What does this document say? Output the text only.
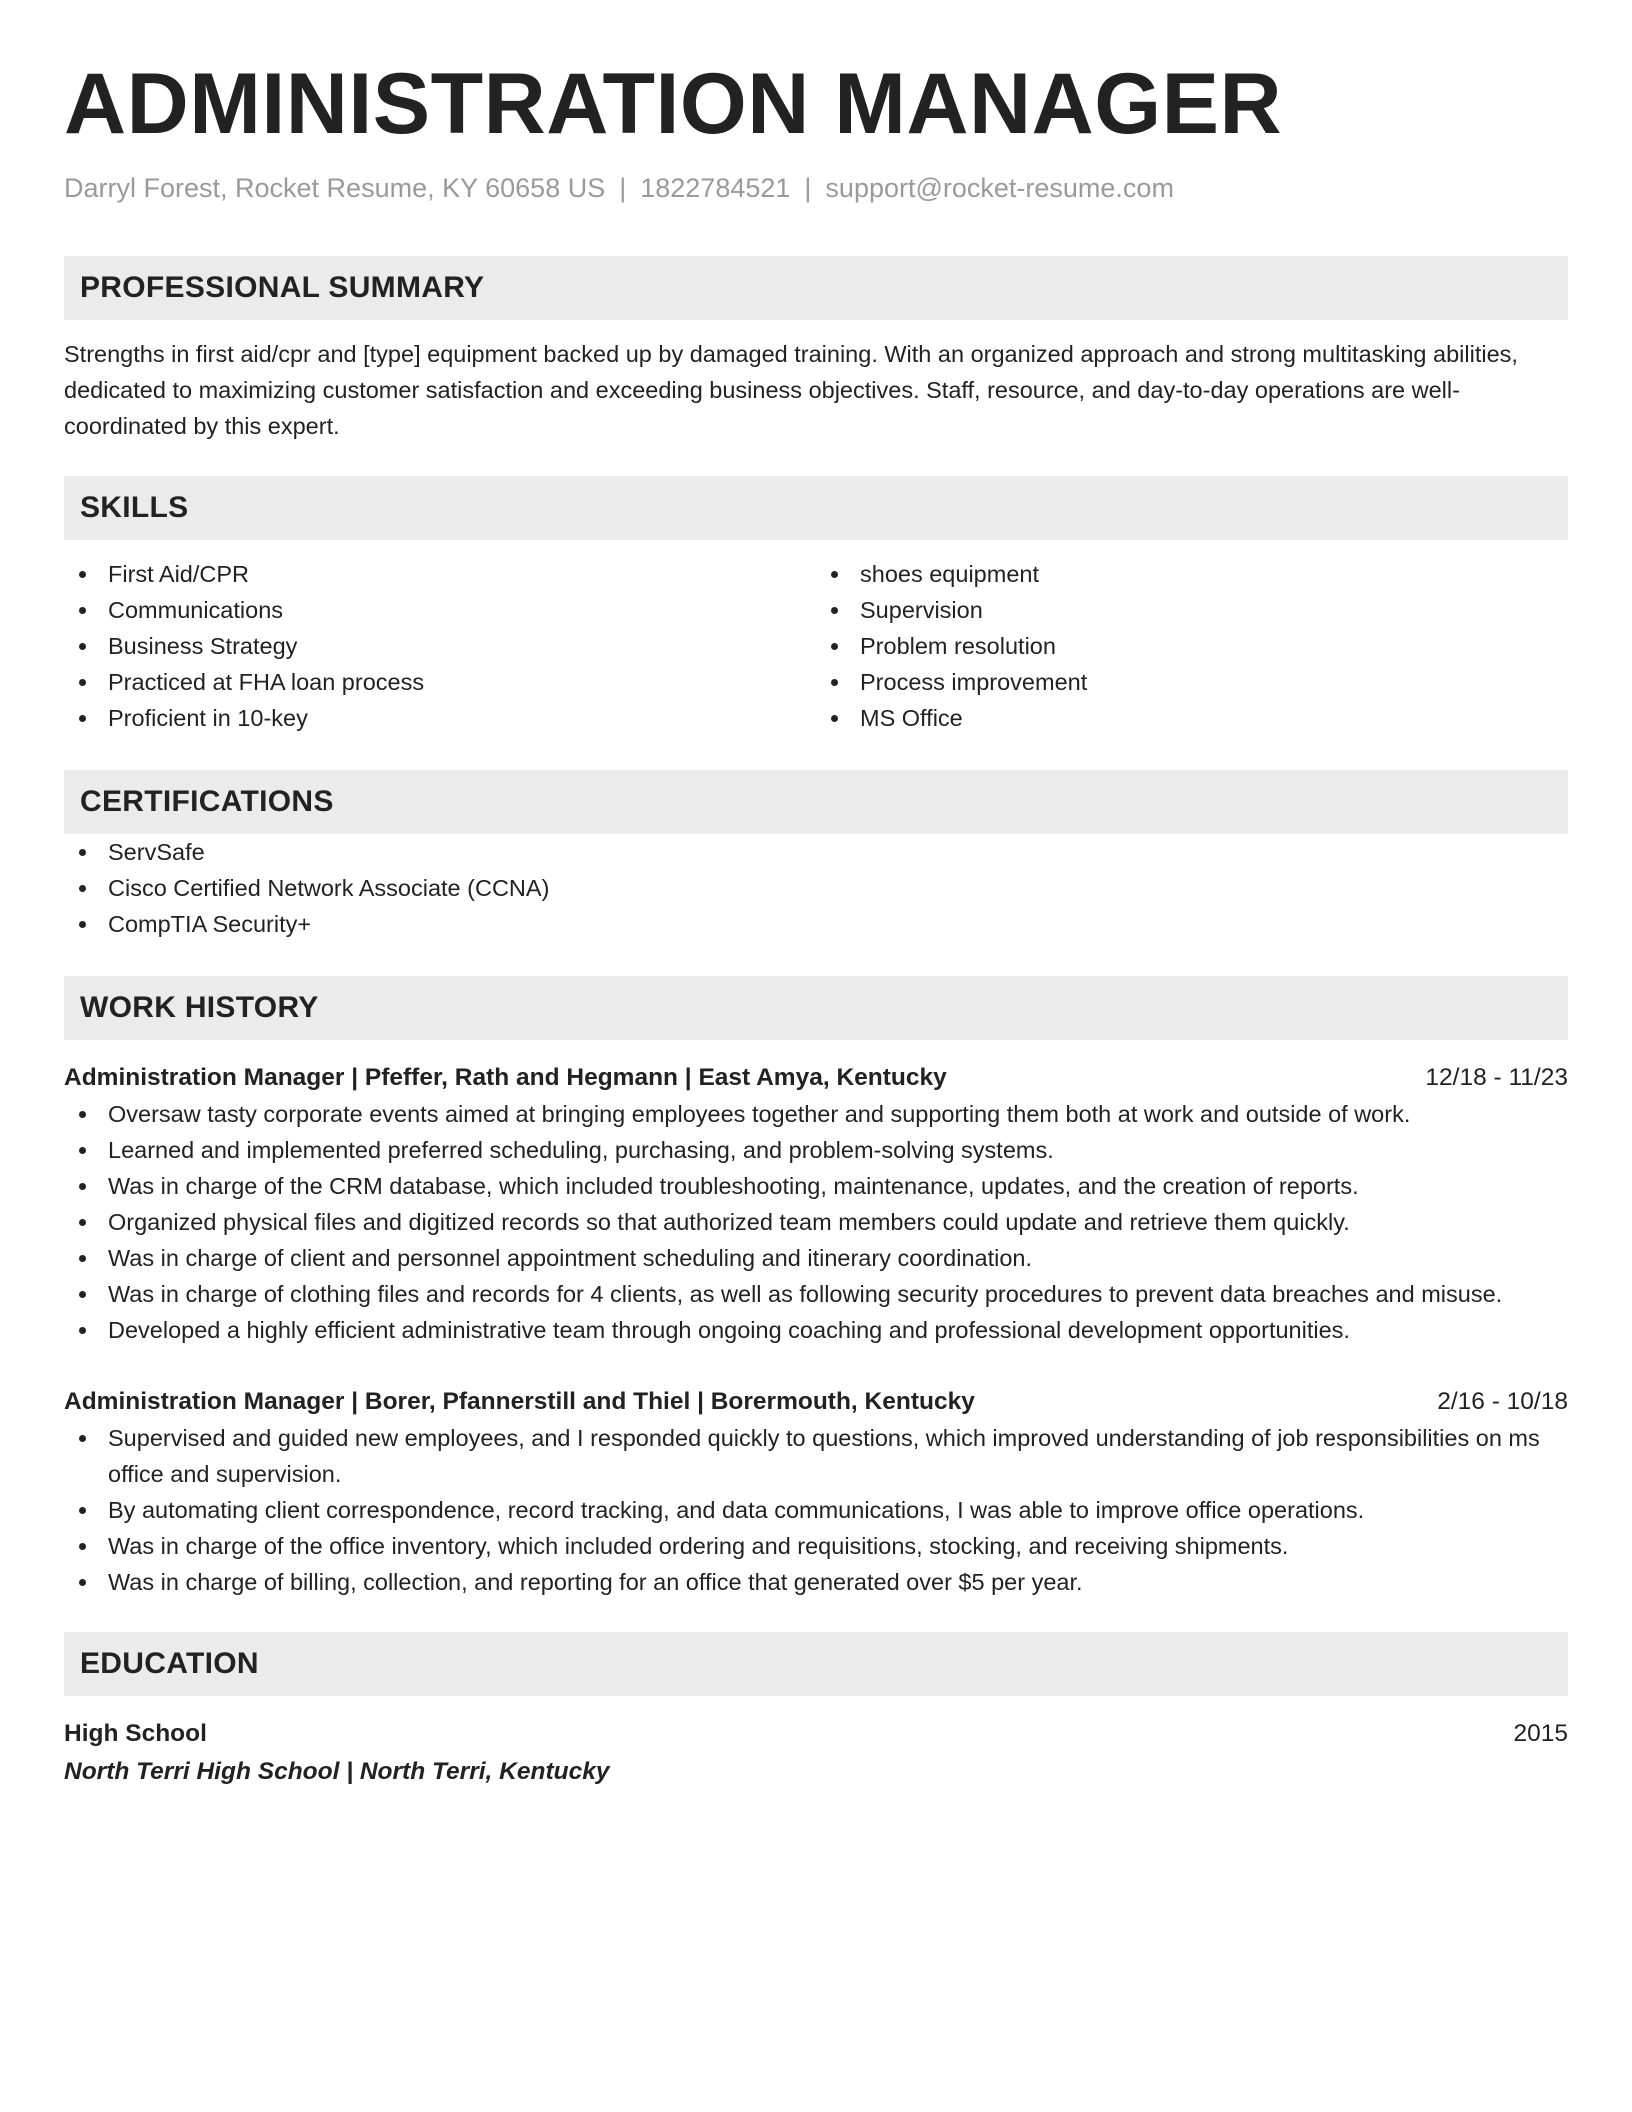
ADMINISTRATION MANAGER
Darryl Forest, Rocket Resume, KY 60658 US | 1822784521 | support@rocket-resume.com
PROFESSIONAL SUMMARY
Strengths in first aid/cpr and [type] equipment backed up by damaged training. With an organized approach and strong multitasking abilities, dedicated to maximizing customer satisfaction and exceeding business objectives. Staff, resource, and day-to-day operations are well-coordinated by this expert.
SKILLS
First Aid/CPR
Communications
Business Strategy
Practiced at FHA loan process
Proficient in 10-key
shoes equipment
Supervision
Problem resolution
Process improvement
MS Office
CERTIFICATIONS
ServSafe
Cisco Certified Network Associate (CCNA)
CompTIA Security+
WORK HISTORY
Administration Manager | Pfeffer, Rath and Hegmann | East Amya, Kentucky	12/18 - 11/23
Oversaw tasty corporate events aimed at bringing employees together and supporting them both at work and outside of work.
Learned and implemented preferred scheduling, purchasing, and problem-solving systems.
Was in charge of the CRM database, which included troubleshooting, maintenance, updates, and the creation of reports.
Organized physical files and digitized records so that authorized team members could update and retrieve them quickly.
Was in charge of client and personnel appointment scheduling and itinerary coordination.
Was in charge of clothing files and records for 4 clients, as well as following security procedures to prevent data breaches and misuse.
Developed a highly efficient administrative team through ongoing coaching and professional development opportunities.
Administration Manager | Borer, Pfannerstill and Thiel | Borermouth, Kentucky	2/16 - 10/18
Supervised and guided new employees, and I responded quickly to questions, which improved understanding of job responsibilities on ms office and supervision.
By automating client correspondence, record tracking, and data communications, I was able to improve office operations.
Was in charge of the office inventory, which included ordering and requisitions, stocking, and receiving shipments.
Was in charge of billing, collection, and reporting for an office that generated over $5 per year.
EDUCATION
High School	2015
North Terri High School | North Terri, Kentucky
